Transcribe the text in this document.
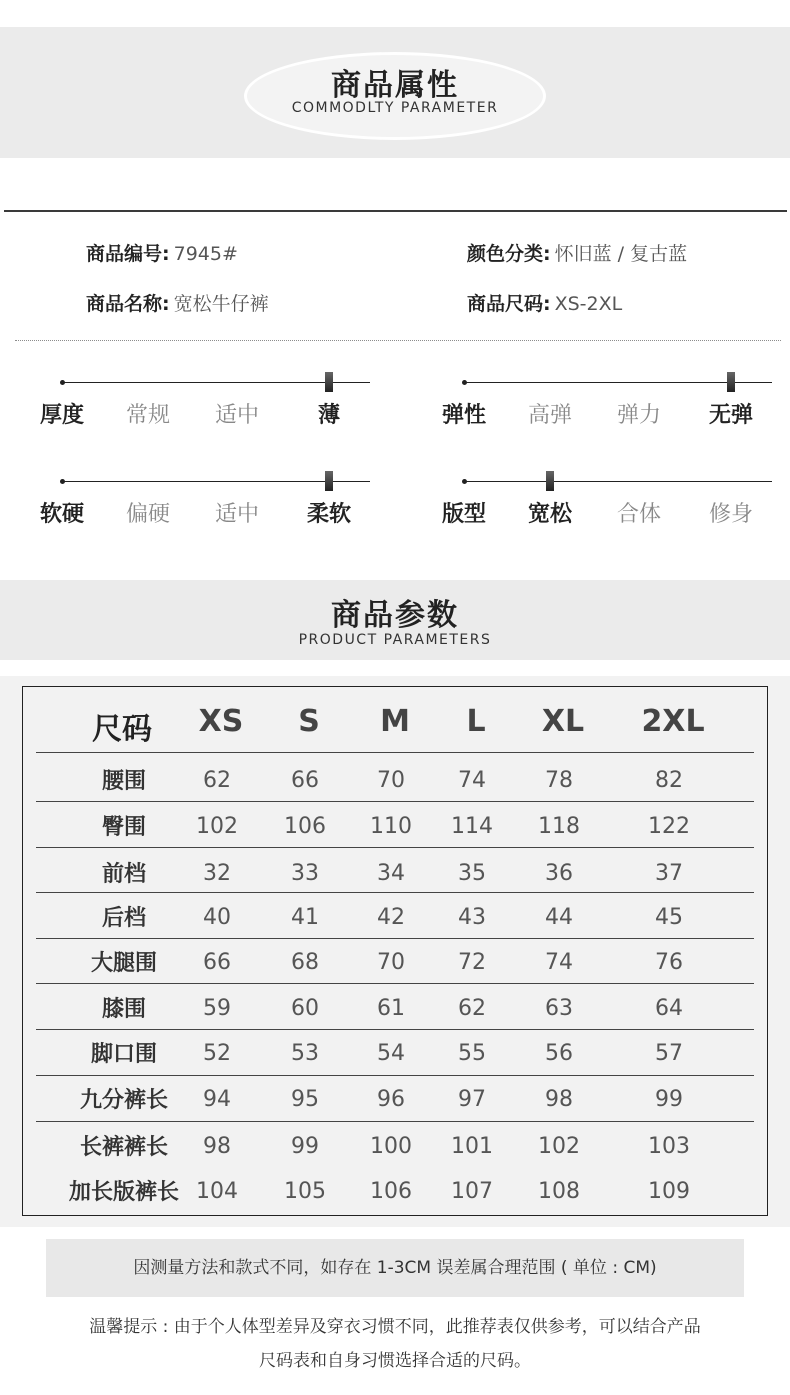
商品属性
COMMODLTY PARAMETER
商品编号: 7945#	颜色分类: 怀旧蓝 / 复古蓝
商品名称: 宽松牛仔裤	商品尺码: XS-2XL
厚度	常规	适中	薄	弹性	高弹	弹力	无弹
软硬	偏硬	适中	柔软	版型	宽松	合体	修身
商品参数
PRODUCT PARAMETERS
尺码	XS	S	M	L	XL	2XL
腰围	62	66	70	74	78	82
臀围	102	106	110	114	118	122
前档	32	33	34	35	36	37
后档	40	41	42	43	44	45
大腿围	66	68	70	72	74	76
膝围	59	60	61	62	63	64
脚口围	52	53	54	55	56	57
九分裤长	94	95	96	97	98	99
长裤裤长	98	99	100	101	102	103
加长版裤长 104	105	106	107	108	109
因测量方法和款式不同，如存在 1-3CM 误差属合理范围 ( 单位 : CM)
温馨提示 : 由于个人体型差异及穿衣习惯不同，此推荐表仅供参考，可以结合产品
尺码表和自身习惯选择合适的尺码。
